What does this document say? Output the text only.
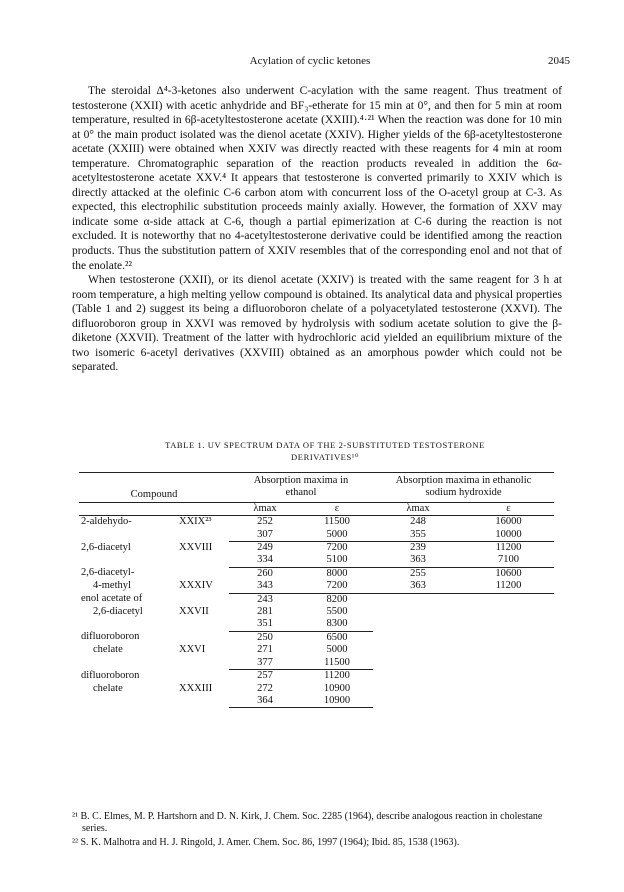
Acylation of cyclic ketones	2045

The steroidal Δ⁴-3-ketones also underwent C-acylation with the same reagent. Thus treatment of testosterone (XXII) with acetic anhydride and BF₃-etherate for 15 min at 0°, and then for 5 min at room temperature, resulted in 6β-acetyltestosterone acetate (XXIII).⁴·²¹ When the reaction was done for 10 min at 0° the main product isolated was the dienol acetate (XXIV). Higher yields of the 6β-acetyltestosterone acetate (XXIII) were obtained when XXIV was directly reacted with these reagents for 4 min at room temperature. Chromatographic separation of the reaction products revealed in addition the 6α-acetyltestosterone acetate XXV.⁴ It appears that testosterone is converted primarily to XXIV which is directly attacked at the olefinic C-6 carbon atom with concurrent loss of the O-acetyl group at C-3. As expected, this electrophilic substitution proceeds mainly axially. However, the formation of XXV may indicate some α-side attack at C-6, though a partial epimerization at C-6 during the reaction is not excluded. It is noteworthy that no 4-acetyltestosterone derivative could be identified among the reaction products. Thus the substitution pattern of XXIV resembles that of the corresponding enol and not that of the enolate.²²

When testosterone (XXII), or its dienol acetate (XXIV) is treated with the same reagent for 3 h at room temperature, a high melting yellow compound is obtained. Its analytical data and physical properties (Table 1 and 2) suggest its being a difluoroboron chelate of a polyacetylated testosterone (XXVI). The difluoroboron group in XXVI was removed by hydrolysis with sodium acetate solution to give the β-diketone (XXVII). Treatment of the latter with hydrochloric acid yielded an equilibrium mixture of the two isomeric 6-acetyl derivatives (XXVIII) obtained as an amorphous powder which could not be separated.

TABLE 1. UV SPECTRUM DATA OF THE 2-SUBSTITUTED TESTOSTERONE
DERIVATIVES¹⁰
Compound		Absorption maxima in ethanol		Absorption maxima in ethanolic sodium hydroxide	
		λmax	ε	λmax	ε
2-aldehydo-	XXIX²³	252	11500	248	16000
		307	5000	355	10000
2,6-diacetyl	XXVIII	249	7200	239	11200
		334	5100	363	7100
2,6-diacetyl-		260	8000	255	10600
4-methyl	XXXIV	343	7200	363	11200
enol acetate of		243	8200		
2,6-diacetyl	XXVII	281	5500		
		351	8300		
difluoroboron		250	6500		
chelate	XXVI	271	5000		
		377	11500		
difluoroboron		257	11200		
chelate	XXXIII	272	10900		
		364	10900		

²¹ B. C. Elmes, M. P. Hartshorn and D. N. Kirk, J. Chem. Soc. 2285 (1964), describe analogous reaction in cholestane series.

²² S. K. Malhotra and H. J. Ringold, J. Amer. Chem. Soc. 86, 1997 (1964); Ibid. 85, 1538 (1963).
